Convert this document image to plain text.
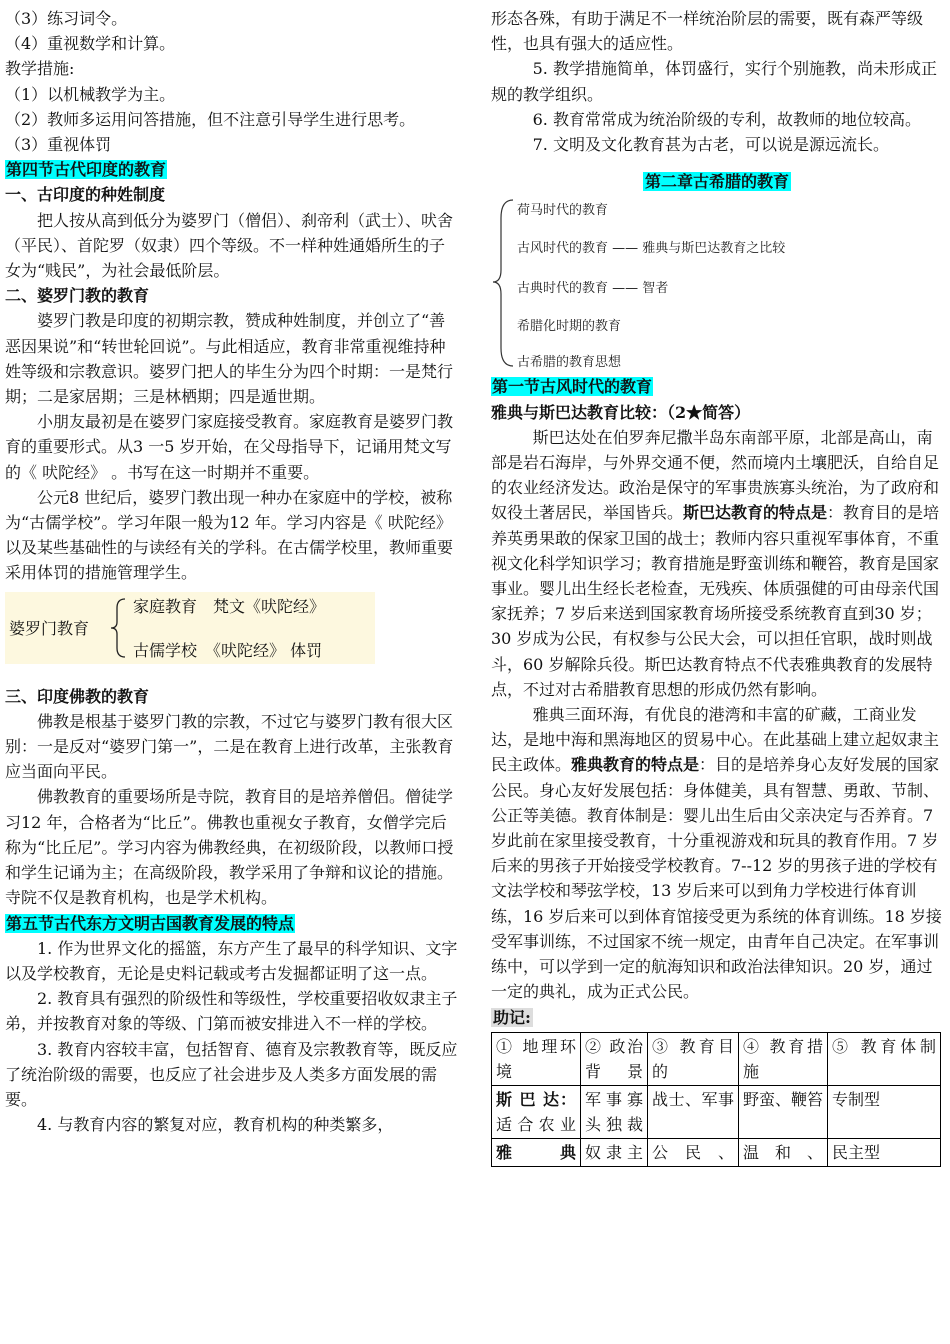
（3）练习词令。

（4）重视数学和计算。

教学措施:

（1）以机械教学为主。

（2）教师多运用问答措施，但不注意引导学生进行思考。

（3）重视体罚

第四节古代印度的教育

一、古印度的种姓制度

把人按从高到低分为婆罗门（僧侣）、刹帝利（武士）、吠舍（平民）、首陀罗（奴隶）四个等级。不一样种姓通婚所生的子女为“贱民”，为社会最低阶层。

二、婆罗门教的教育

婆罗门教是印度的初期宗教，赞成种姓制度，并创立了“善恶因果说”和“转世轮回说”。与此相适应，教育非常重视维持种姓等级和宗教意识。婆罗门把人的毕生分为四个时期：一是梵行期；二是家居期；三是林栖期；四是遁世期。

小朋友最初是在婆罗门家庭接受教育。家庭教育是婆罗门教育的重要形式。从3 一5 岁开始，在父母指导下，记诵用梵文写的《 吠陀经》 。书写在这一时期并不重要。

公元8 世纪后，婆罗门教出现一种办在家庭中的学校，被称为“古儒学校”。学习年限一般为12 年。学习内容是《 吠陀经》 以及某些基础性的与读经有关的学科。在古儒学校里，教师重要采用体罚的措施管理学生。

婆罗门教育
家庭教育　梵文《吠陀经》
古儒学校　《吠陀经》 体罚

三、印度佛教的教育

佛教是根基于婆罗门教的宗教，不过它与婆罗门教有很大区别：一是反对“婆罗门第一”，二是在教育上进行改革，主张教育应当面向平民。

佛教教育的重要场所是寺院，教育目的是培养僧侣。僧徒学习12 年，合格者为“比丘”。佛教也重视女子教育，女僧学完后称为“比丘尼”。学习内容为佛教经典，在初级阶段，以教师口授和学生记诵为主；在高级阶段，教学采用了争辩和议论的措施。寺院不仅是教育机构，也是学术机构。

第五节古代东方文明古国教育发展的特点

1. 作为世界文化的摇篮，东方产生了最早的科学知识、文字以及学校教育，无论是史料记载或考古发掘都证明了这一点。

2. 教育具有强烈的阶级性和等级性，学校重要招收奴隶主子弟，并按教育对象的等级、门第而被安排进入不一样的学校。

3. 教育内容较丰富，包括智育、德育及宗教教育等，既反应了统治阶级的需要，也反应了社会进步及人类多方面发展的需要。

4. 与教育内容的繁复对应，教育机构的种类繁多，

形态各殊，有助于满足不一样统治阶层的需要，既有森严等级性，也具有强大的适应性。

5. 教学措施简单，体罚盛行，实行个别施教，尚未形成正规的教学组织。

6. 教育常常成为统治阶级的专利，故教师的地位较高。

7. 文明及文化教育甚为古老，可以说是源远流长。

第二章古希腊的教育

荷马时代的教育
古风时代的教育 —— 雅典与斯巴达教育之比较
古典时代的教育 —— 智者
希腊化时期的教育
古希腊的教育思想

第一节古风时代的教育

雅典与斯巴达教育比较：（2★简答）

斯巴达处在伯罗奔尼撒半岛东南部平原，北部是高山，南部是岩石海岸，与外界交通不便，然而境内土壤肥沃，自给自足的农业经济发达。政治是保守的军事贵族寡头统治，为了政府和奴役土著居民，举国皆兵。斯巴达教育的特点是：教育目的是培养英勇果敢的保家卫国的战士；教师内容只重视军事体育，不重视文化科学知识学习；教育措施是野蛮训练和鞭笞，教育是国家事业。婴儿出生经长老检查，无残疾、体质强健的可由母亲代国家抚养；7 岁后来送到国家教育场所接受系统教育直到30 岁；30 岁成为公民，有权参与公民大会，可以担任官职，战时则战斗，60 岁解除兵役。斯巴达教育特点不代表雅典教育的发展特点，不过对古希腊教育思想的形成仍然有影响。

雅典三面环海，有优良的港湾和丰富的矿藏，工商业发达，是地中海和黑海地区的贸易中心。在此基础上建立起奴隶主民主政体。雅典教育的特点是：目的是培养身心友好发展的国家公民。身心友好发展包括：身体健美，具有智慧、勇敢、节制、公正等美德。教育体制是：婴儿出生后由父亲决定与否养育。7 岁此前在家里接受教育，十分重视游戏和玩具的教育作用。7 岁后来的男孩子开始接受学校教育。7--12 岁的男孩子进的学校有文法学校和琴弦学校，13 岁后来可以到角力学校进行体育训练，16 岁后来可以到体育馆接受更为系统的体育训练。18 岁接受军事训练，不过国家不统一规定，由青年自己决定。在军事训练中，可以学到一定的航海知识和政治法律知识。20 岁，通过一定的典礼，成为正式公民。

助记:

① 地理环境	② 政治背景	③ 教育目的	④ 教育措施	⑤ 教育体制
斯 巴 达：适合农业	军事寡头独裁	战士、军事	野蛮、鞭笞	专制型
雅 典	奴隶主	公民、	温和、	民主型
